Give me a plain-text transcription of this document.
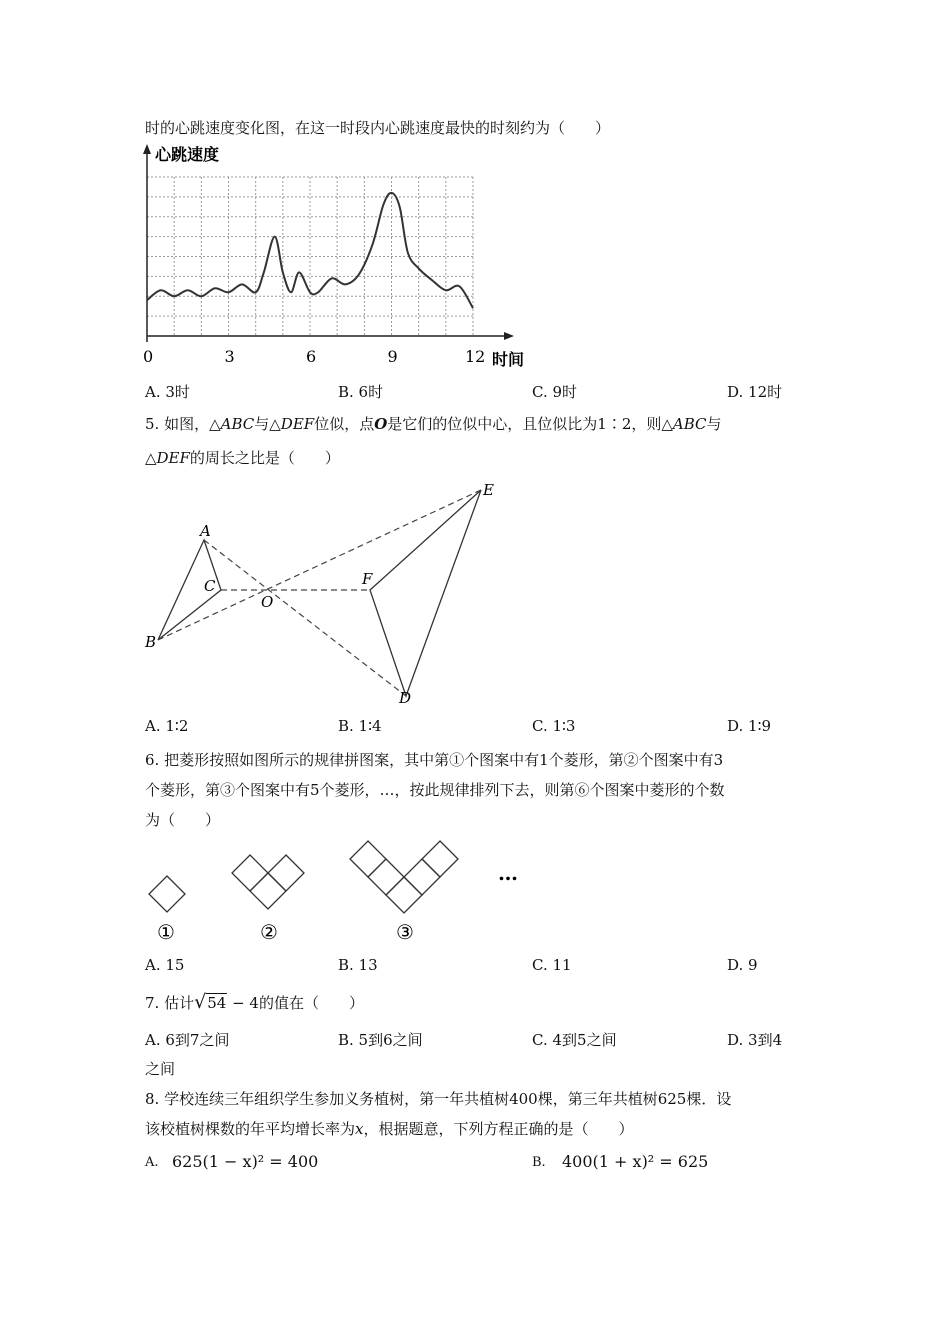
时的心跳速度变化图，在这一时段内心跳速度最快的时刻约为（　　）
心跳速度
时间
0	3	6	9	12
A. 3时	B. 6时	C. 9时	D. 12时
5. 如图，△ABC与△DEF位似，点O是它们的位似中心，且位似比为1∶2，则△ABC与
△DEF的周长之比是（　　）
A
B
C
O
D
E
F
A. 1∶2	B. 1∶4	C. 1∶3	D. 1∶9
6. 把菱形按照如图所示的规律拼图案，其中第①个图案中有1个菱形，第②个图案中有3
个菱形，第③个图案中有5个菱形，…，按此规律排列下去，则第⑥个图案中菱形的个数
为（　　）
…
①	②	③
A. 15	B. 13	C. 11	D. 9
7. 估计√54 − 4的值在（　　）
A. 6到7之间	B. 5到6之间	C. 4到5之间	D. 3到4
之间
8. 学校连续三年组织学生参加义务植树，第一年共植树400棵，第三年共植树625棵．设
该校植树棵数的年平均增长率为x，根据题意，下列方程正确的是（　　）
A. 625(1 − x)² = 400	B. 400(1 + x)² = 625
